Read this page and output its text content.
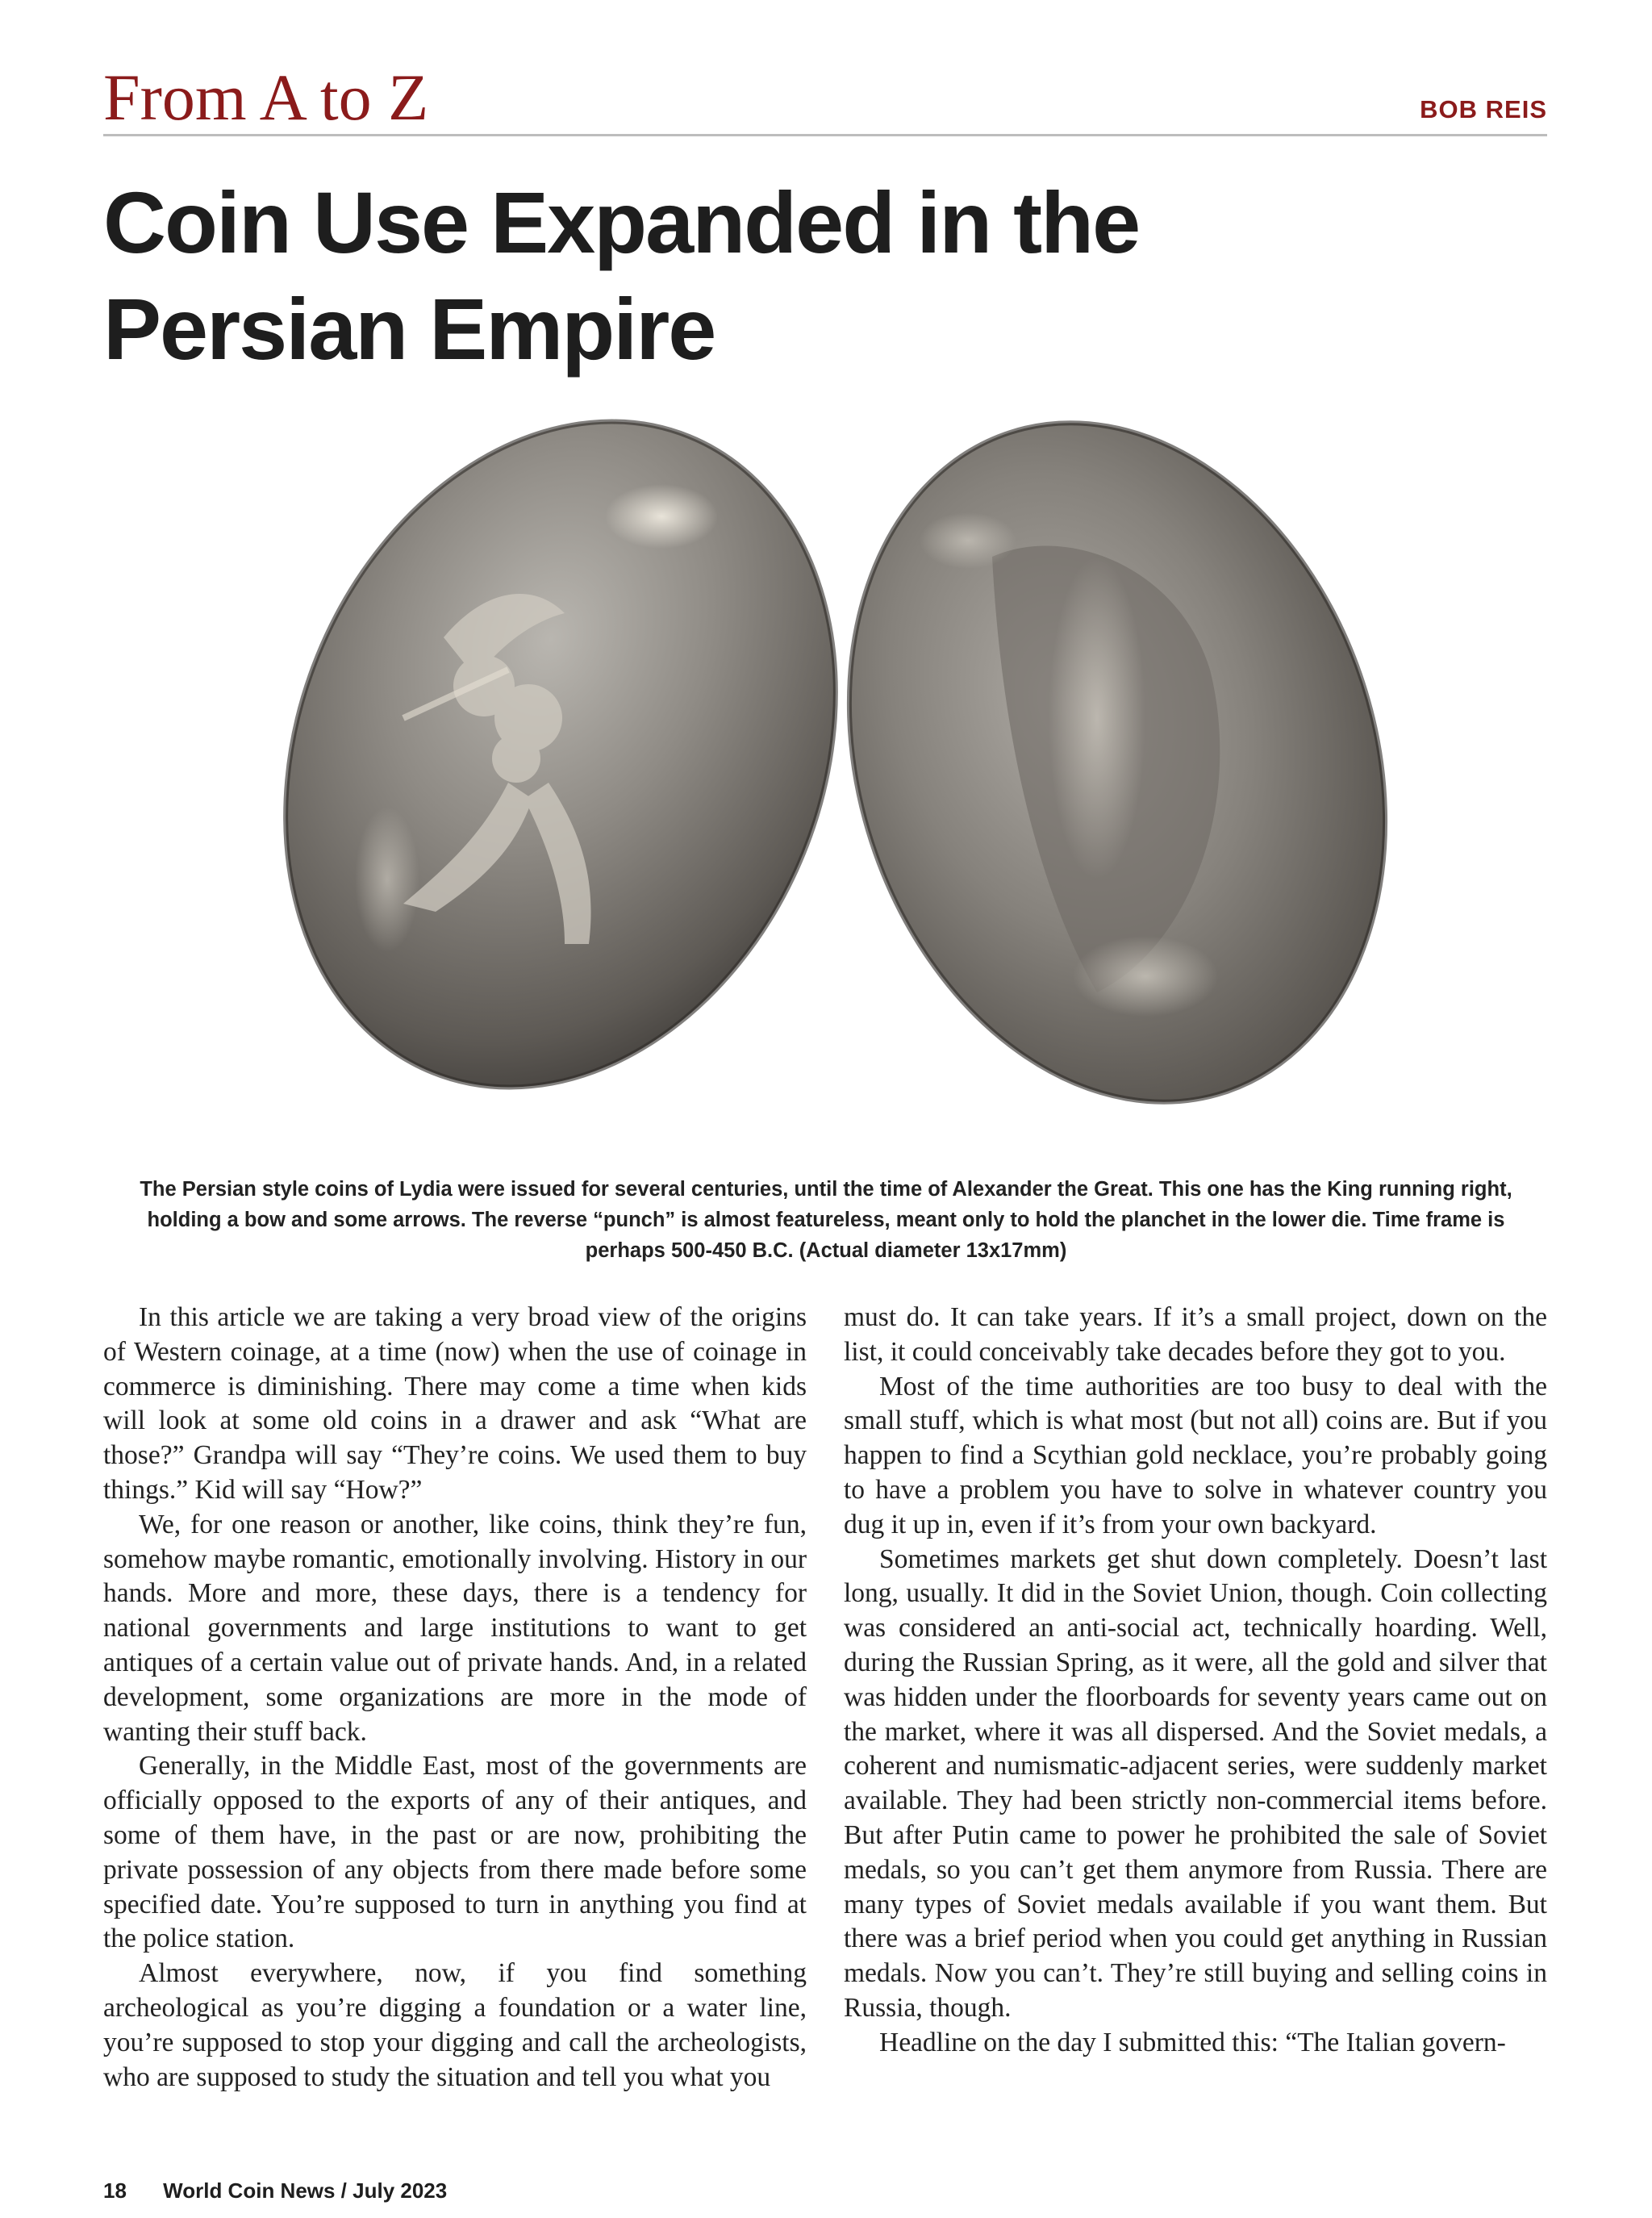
From A to Z	BOB REIS
Coin Use Expanded in the
Persian Empire
The Persian style coins of Lydia were issued for several centuries, until the time of Alexander the Great. This one has the King running right, holding a bow and some arrows. The reverse “punch” is almost featureless, meant only to hold the planchet in the lower die. Time frame is perhaps 500-450 B.C. (Actual diameter 13x17mm)

In this article we are taking a very broad view of the origins of Western coinage, at a time (now) when the use of coinage in commerce is diminishing. There may come a time when kids will look at some old coins in a drawer and ask “What are those?” Grandpa will say “They’re coins. We used them to buy things.” Kid will say “How?”

We, for one reason or another, like coins, think they’re fun, somehow maybe romantic, emotionally involving. History in our hands. More and more, these days, there is a tendency for national governments and large institutions to want to get antiques of a certain value out of private hands. And, in a related development, some organizations are more in the mode of wanting their stuff back.

Generally, in the Middle East, most of the governments are officially opposed to the exports of any of their antiques, and some of them have, in the past or are now, prohibiting the private possession of any objects from there made before some specified date. You’re supposed to turn in anything you find at the police station.

Almost everywhere, now, if you find something archeological as you’re digging a foundation or a water line, you’re supposed to stop your digging and call the archeologists, who are supposed to study the situation and tell you what you

must do. It can take years. If it’s a small project, down on the list, it could conceivably take decades before they got to you.

Most of the time authorities are too busy to deal with the small stuff, which is what most (but not all) coins are. But if you happen to find a Scythian gold necklace, you’re probably going to have a problem you have to solve in whatever country you dug it up in, even if it’s from your own backyard.

Sometimes markets get shut down completely. Doesn’t last long, usually. It did in the Soviet Union, though. Coin collecting was considered an anti-social act, technically hoarding. Well, during the Russian Spring, as it were, all the gold and silver that was hidden under the floorboards for seventy years came out on the market, where it was all dispersed. And the Soviet medals, a coherent and numismatic-adjacent series, were suddenly market available. They had been strictly non-commercial items before. But after Putin came to power he prohibited the sale of Soviet medals, so you can’t get them anymore from Russia. There are many types of Soviet medals available if you want them. But there was a brief period when you could get anything in Russian medals. Now you can’t. They’re still buying and selling coins in Russia, though.

Headline on the day I submitted this: “The Italian govern-

18 World Coin News / July 2023
